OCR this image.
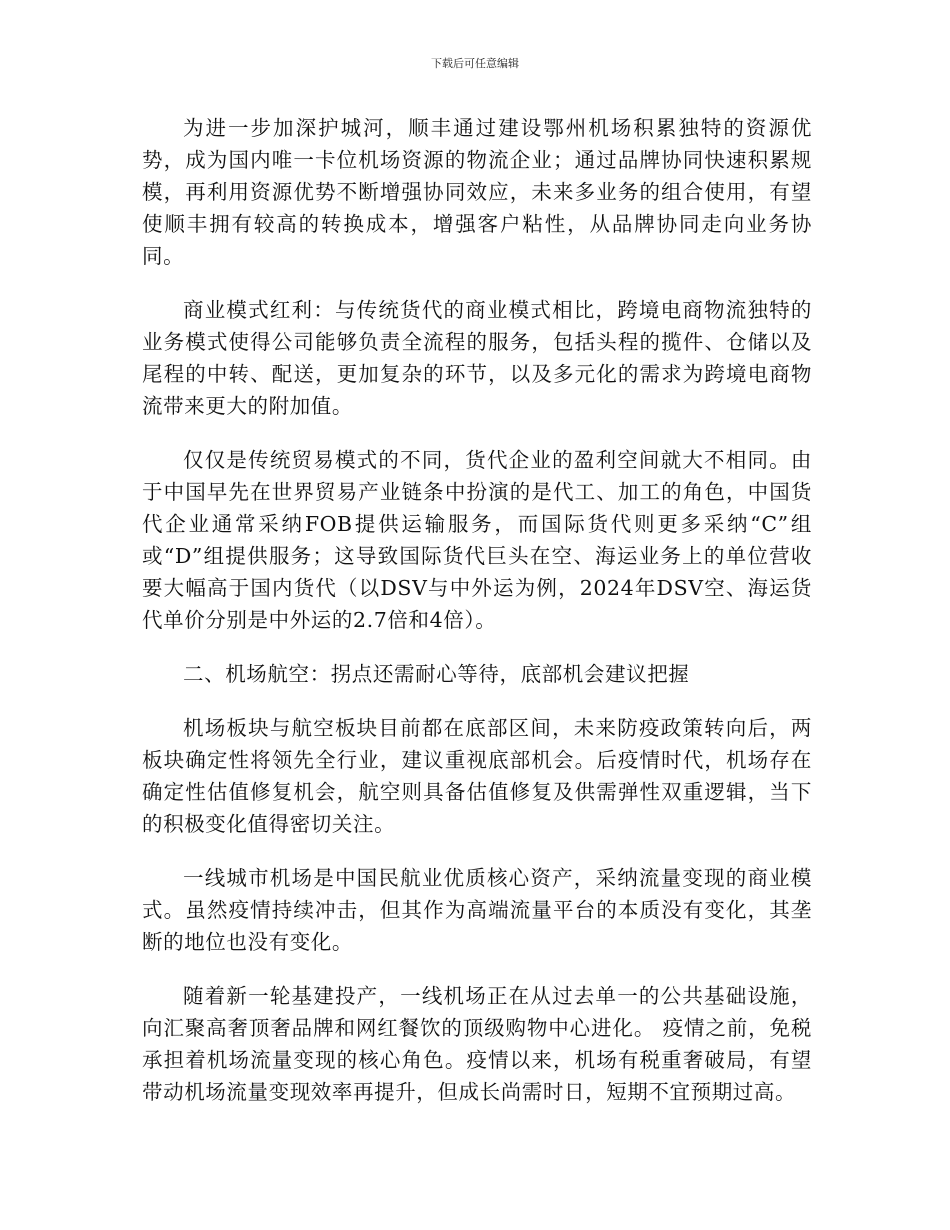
下载后可任意编辑

为进一步加深护城河，顺丰通过建设鄂州机场积累独特的资源优势，成为国内唯一卡位机场资源的物流企业；通过品牌协同快速积累规模，再利用资源优势不断增强协同效应，未来多业务的组合使用，有望使顺丰拥有较高的转换成本，增强客户粘性，从品牌协同走向业务协同。

商业模式红利：与传统货代的商业模式相比，跨境电商物流独特的业务模式使得公司能够负责全流程的服务，包括头程的揽件、仓储以及尾程的中转、配送，更加复杂的环节，以及多元化的需求为跨境电商物流带来更大的附加值。

仅仅是传统贸易模式的不同，货代企业的盈利空间就大不相同。由于中国早先在世界贸易产业链条中扮演的是代工、加工的角色，中国货代企业通常采纳FOB提供运输服务，而国际货代则更多采纳“C”组或“D”组提供服务；这导致国际货代巨头在空、海运业务上的单位营收要大幅高于国内货代（以DSV与中外运为例，2024年DSV空、海运货代单价分别是中外运的2.7倍和4倍）。

二、机场航空：拐点还需耐心等待，底部机会建议把握

机场板块与航空板块目前都在底部区间，未来防疫政策转向后，两板块确定性将领先全行业，建议重视底部机会。后疫情时代，机场存在确定性估值修复机会，航空则具备估值修复及供需弹性双重逻辑，当下的积极变化值得密切关注。

一线城市机场是中国民航业优质核心资产，采纳流量变现的商业模式。虽然疫情持续冲击，但其作为高端流量平台的本质没有变化，其垄断的地位也没有变化。

随着新一轮基建投产，一线机场正在从过去单一的公共基础设施，向汇聚高奢顶奢品牌和网红餐饮的顶级购物中心进化。 疫情之前，免税承担着机场流量变现的核心角色。疫情以来，机场有税重奢破局，有望带动机场流量变现效率再提升，但成长尚需时日，短期不宜预期过高。
